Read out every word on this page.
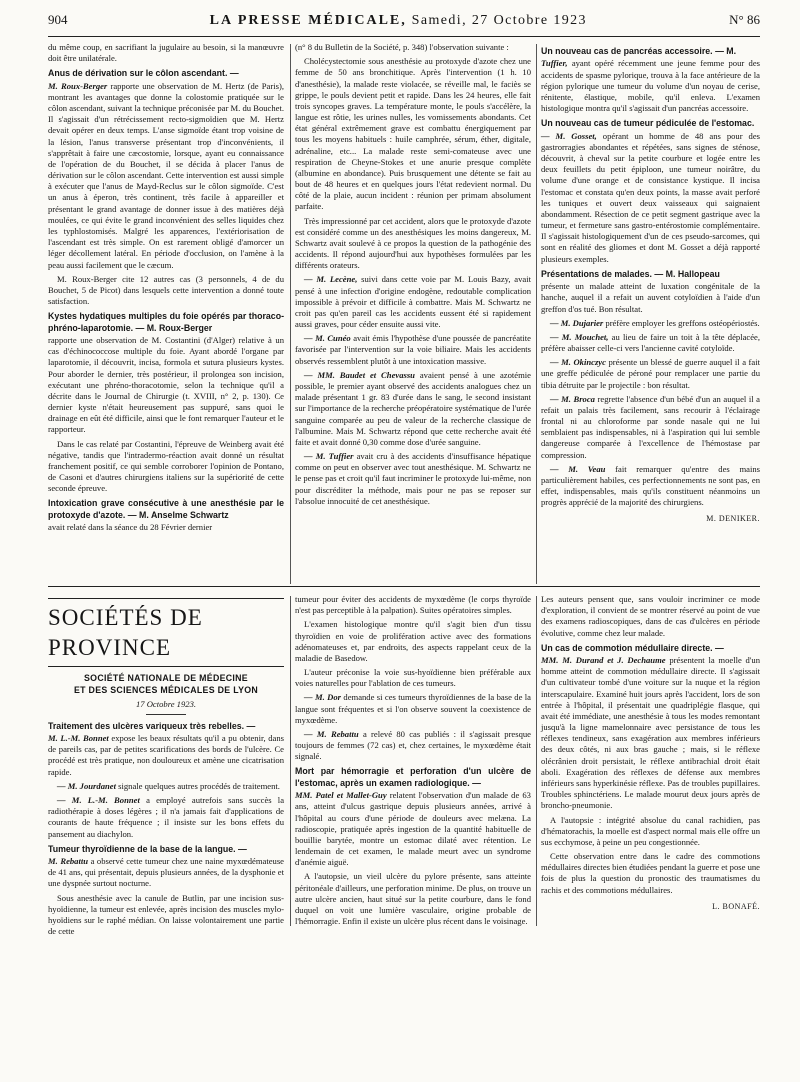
904	LA PRESSE MÉDICALE, Samedi, 27 Octobre 1923	N° 86

du même coup, en sacrifiant la jugulaire au besoin, si la manœuvre doit être unilatérale.

Anus de dérivation sur le côlon ascendant. —

M. Roux-Berger rapporte une observation de M. Hertz (de Paris), montrant les avantages que donne la colostomie pratiquée sur le côlon ascendant, suivant la technique préconisée par M. du Bouchet. Il s'agissait d'un rétrécissement recto-sigmoïdien que M. Hertz devait opérer en deux temps. L'anse sigmoïde étant trop voisine de la lésion, l'anus transverse présentant trop d'inconvénients, il s'apprêtait à faire une cæcostomie, lorsque, ayant eu connaissance de l'opération de du Bouchet, il se décida à placer l'anus de dérivation sur le côlon ascendant. Cette intervention est aussi simple à exécuter que l'anus de Mayd-Reclus sur le côlon sigmoïde. C'est un anus à éperon, très continent, très facile à appareiller et présentant le grand avantage de donner issue à des matières déjà moulées, ce qui évite le grand inconvénient des selles liquides chez les typhlostomisés. Malgré les apparences, l'extériorisation de l'ascendant est très simple. On est rarement obligé d'amorcer un léger décollement latéral. En période d'occlusion, on l'amène à la peau aussi facilement que le cæcum.

M. Roux-Berger cite 12 autres cas (3 personnels, 4 de du Bouchet, 5 de Picot) dans lesquels cette intervention a donné toute satisfaction.

Kystes hydatiques multiples du foie opérés par thoraco-phréno-laparotomie. — M. Roux-Berger

rapporte une observation de M. Costantini (d'Alger) relative à un cas d'échinococcose multiple du foie. Ayant abordé l'organe par laparotomie, il découvrit, incisa, formola et sutura plusieurs kystes. Pour aborder le dernier, très postérieur, il prolongea son incision, exécutant une phréno-thoracotomie, selon la technique qu'il a décrite dans le Journal de Chirurgie (t. XVIII, n° 2, p. 130). Ce dernier kyste n'était heureusement pas suppuré, sans quoi le drainage en eût été difficile, ainsi que le font remarquer l'auteur et le rapporteur.

Dans le cas relaté par Costantini, l'épreuve de Weinberg avait été négative, tandis que l'intradermo-réaction avait donné un résultat franchement positif, ce qui semble corroborer l'opinion de Pontano, de Casoni et d'autres chirurgiens italiens sur la supériorité de cette seconde épreuve.

Intoxication grave consécutive à une anesthésie par le protoxyde d'azote. — M. Anselme Schwartz

avait relaté dans la séance du 28 Février dernier

(n° 8 du Bulletin de la Société, p. 348) l'observation suivante :

Cholécystectomie sous anesthésie au protoxyde d'azote chez une femme de 50 ans bronchitique. Après l'intervention (1 h. 10 d'anesthésie), la malade reste violacée, se réveille mal, le faciès se grippe, le pouls devient petit et rapide. Dans les 24 heures, elle fait trois syncopes graves. La température monte, le pouls s'accélère, la langue est rôtie, les urines nulles, les vomissements abondants. Cet état général extrêmement grave est combattu énergiquement par tous les moyens habituels : huile camphrée, sérum, éther, digitale, adrénaline, etc... La malade reste semi-comateuse avec une respiration de Cheyne-Stokes et une anurie presque complète (albumine en abondance). Puis brusquement une détente se fait au bout de 48 heures et en quelques jours l'état redevient normal. Du côté de la plaie, aucun incident : réunion per primam absolument parfaite.

Très impressionné par cet accident, alors que le protoxyde d'azote est considéré comme un des anesthésiques les moins dangereux, M. Schwartz avait soulevé à ce propos la question de la pathogénie des accidents. Il répond aujourd'hui aux hypothèses formulées par les différents orateurs.

— M. Lecène, suivi dans cette voie par M. Louis Bazy, avait pensé à une infection d'origine endogène, redoutable complication impossible à prévoir et difficile à combattre. Mais M. Schwartz ne croit pas qu'en pareil cas les accidents eussent été si rapidement aussi graves, pour céder ensuite aussi vite.

— M. Cunéo avait émis l'hypothèse d'une poussée de pancréatite favorisée par l'intervention sur la voie biliaire. Mais les accidents observés ressemblent plutôt à une intoxication massive.

— MM. Baudet et Chevassu avaient pensé à une azotémie possible, le premier ayant observé des accidents analogues chez un malade présentant 1 gr. 83 d'urée dans le sang, le second insistant sur l'importance de la recherche préopératoire systématique de l'urée sanguine comparée au peu de valeur de la recherche classique de l'albumine. Mais M. Schwartz répond que cette recherche avait été faite et avait donné 0,30 comme dose d'urée sanguine.

— M. Tuffier avait cru à des accidents d'insuffisance hépatique comme on peut en observer avec tout anesthésique. M. Schwartz ne le pense pas et croit qu'il faut incriminer le protoxyde lui-même, non pour discréditer la méthode, mais pour ne pas se reposer sur l'absolue innocuité de cet anesthésique.

Un nouveau cas de pancréas accessoire. — M.

Tuffier, ayant opéré récemment une jeune femme pour des accidents de spasme pylorique, trouva à la face antérieure de la région pylorique une tumeur du volume d'un noyau de cerise, rénitente, élastique, mobile, qu'il enleva. L'examen histologique montra qu'il s'agissait d'un pancréas accessoire.

Un nouveau cas de tumeur pédiculée de l'estomac.

— M. Gosset, opérant un homme de 48 ans pour des gastrorragies abondantes et répétées, sans signes de sténose, découvrit, à cheval sur la petite courbure et logée entre les deux feuillets du petit épiploon, une tumeur noirâtre, du volume d'une orange et de consistance kystique. Il incisa l'estomac et constata qu'en deux points, la masse avait perforé les tuniques et ouvert deux vaisseaux qui saignaient abondamment. Résection de ce petit segment gastrique avec la tumeur, et fermeture sans gastro-entérostomie complémentaire. Il s'agissait histologiquement d'un de ces pseudo-sarcomes, qui sont en réalité des gliomes et dont M. Gosset a déjà rapporté plusieurs exemples.

Présentations de malades. — M. Hallopeau

présente un malade atteint de luxation congénitale de la hanche, auquel il a refait un auvent cotyloïdien à l'aide d'un greffon d'os tué. Bon résultat.

— M. Dujarier préfère employer les greffons ostéopériostés.

— M. Mouchet, au lieu de faire un toit à la tête déplacée, préfère abaisser celle-ci vers l'ancienne cavité cotyloïde.

— M. Okinczyc présente un blessé de guerre auquel il a fait une greffe pédiculée de péroné pour remplacer une partie du tibia détruite par le projectile : bon résultat.

— M. Broca regrette l'absence d'un bébé d'un an auquel il a refait un palais très facilement, sans recourir à l'éclairage frontal ni au chloroforme par sonde nasale qui ne lui semblaient pas indispensables, ni à l'aspiration qui lui semble dangereuse comparée à l'excellence de l'hémostase par compression.

— M. Veau fait remarquer qu'entre des mains particulièrement habiles, ces perfectionnements ne sont pas, en effet, indispensables, mais qu'ils constituent néanmoins un progrès apprécié de la majorité des chirurgiens.

M. DENIKER.
SOCIÉTÉS DE PROVINCE
SOCIÉTÉ NATIONALE DE MÉDECINE
ET DES SCIENCES MÉDICALES DE LYON
17 Octobre 1923.
Traitement des ulcères variqueux très rebelles. —

M. L.-M. Bonnet expose les beaux résultats qu'il a pu obtenir, dans de pareils cas, par de petites scarifications des bords de l'ulcère. Ce procédé est très pratique, non douloureux et amène une cicatrisation rapide.

— M. Jourdanet signale quelques autres procédés de traitement.

— M. L.-M. Bonnet a employé autrefois sans succès la radiothérapie à doses légères ; il n'a jamais fait d'applications de courants de haute fréquence ; il insiste sur les bons effets du pansement au diachylon.

Tumeur thyroïdienne de la base de la langue. —

M. Rebattu a observé cette tumeur chez une naine myxœdémateuse de 41 ans, qui présentait, depuis plusieurs années, de la dysphonie et une dyspnée surtout nocturne.

Sous anesthésie avec la canule de Butlin, par une incision sus-hyoïdienne, la tumeur est enlevée, après incision des muscles mylo-hyoïdiens sur le raphé médian. On laisse volontairement une partie de cette

tumeur pour éviter des accidents de myxœdème (le corps thyroïde n'est pas perceptible à la palpation). Suites opératoires simples.

L'examen histologique montre qu'il s'agit bien d'un tissu thyroïdien en voie de prolifération active avec des formations adénomateuses et, par endroits, des aspects rappelant ceux de la maladie de Basedow.

L'auteur préconise la voie sus-hyoïdienne bien préférable aux voies naturelles pour l'ablation de ces tumeurs.

— M. Dor demande si ces tumeurs thyroïdiennes de la base de la langue sont fréquentes et si l'on observe souvent la coexistence de myxœdème.

— M. Rebattu a relevé 80 cas publiés : il s'agissait presque toujours de femmes (72 cas) et, chez certaines, le myxœdème était signalé.

Mort par hémorragie et perforation d'un ulcère de l'estomac, après un examen radiologique. —

MM. Patel et Mallet-Guy relatent l'observation d'un malade de 63 ans, atteint d'ulcus gastrique depuis plusieurs années, arrivé à l'hôpital au cours d'une période de douleurs avec melæna. La radioscopie, pratiquée après ingestion de la quantité habituelle de bouillie barytée, montre un estomac dilaté avec rétention. Le lendemain de cet examen, le malade meurt avec un syndrome d'anémie aiguë.

A l'autopsie, un vieil ulcère du pylore présente, sans atteinte péritonéale d'ailleurs, une perforation minime. De plus, on trouve un autre ulcère ancien, haut situé sur la petite courbure, dans le fond duquel on voit une lumière vasculaire, origine probable de l'hémorragie. Enfin il existe un ulcère plus récent dans le voisinage.

Les auteurs pensent que, sans vouloir incriminer ce mode d'exploration, il convient de se montrer réservé au point de vue des examens radioscopiques, dans de cas d'ulcères en période évolutive, comme chez leur malade.

Un cas de commotion médullaire directe. —

MM. M. Durand et J. Dechaume présentent la moelle d'un homme atteint de commotion médullaire directe. Il s'agissait d'un cultivateur tombé d'une voiture sur la nuque et la région interscapulaire. Examiné huit jours après l'accident, lors de son entrée à l'hôpital, il présentait une quadriplégie flasque, qui avait été immédiate, une anesthésie à tous les modes remontant jusqu'à la ligne mamelonnaire avec persistance de tous les réflexes tendineux, sans exagération aux membres inférieurs des deux côtés, ni aux bras gauche ; mais, si le réflexe olécrânien droit persistait, le réflexe antibrachial droit était aboli. Exagération des réflexes de défense aux membres inférieurs sans hyperkinésie réflexe. Pas de troubles pupillaires. Troubles sphinctériens. Le malade mourut deux jours après de broncho-pneumonie.

A l'autopsie : intégrité absolue du canal rachidien, pas d'hématorachis, la moelle est d'aspect normal mais elle offre un sus ecchymose, à peine un peu congestionnée.

Cette observation entre dans le cadre des commotions médullaires directes bien étudiées pendant la guerre et pose une fois de plus la question du pronostic des traumatismes du rachis et des commotions médullaires.

L. BONAFÉ.
